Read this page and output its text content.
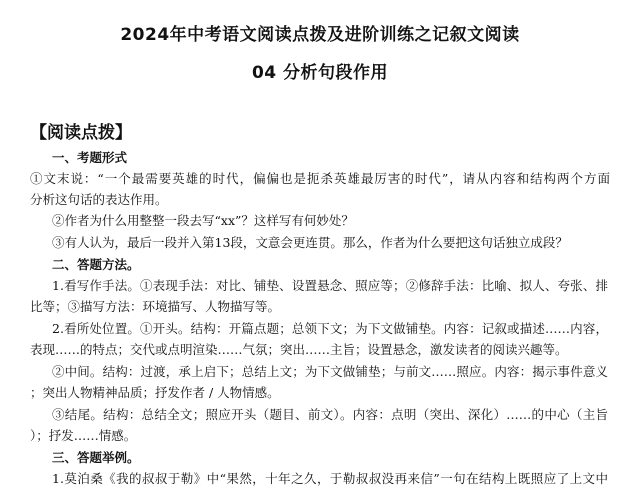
2024年中考语文阅读点拨及进阶训练之记叙文阅读
04 分析句段作用
【阅读点拨】
一、考题形式
①文末说：“一个最需要英雄的时代，偏偏也是扼杀英雄最厉害的时代”，请从内容和结构两个方面
分析这句话的表达作用。
②作者为什么用整整一段去写“xx”？这样写有何妙处？
③有人认为，最后一段并入第13段，文意会更连贯。那么，作者为什么要把这句话独立成段？
二、答题方法。
1.看写作手法。①表现手法：对比、铺垫、设置悬念、照应等；②修辞手法：比喻、拟人、夸张、排
比等；③描写方法：环境描写、人物描写等。
2.看所处位置。①开头。结构：开篇点题；总领下文；为下文做铺垫。内容：记叙或描述……内容，
表现……的特点；交代或点明渲染……气氛；突出……主旨；设置悬念，激发读者的阅读兴趣等。
②中间。结构：过渡，承上启下；总结上文；为下文做铺垫；与前文……照应。内容：揭示事件意义
；突出人物精神品质；抒发作者 / 人物情感。
③结尾。结构：总结全文；照应开头（题目、前文）。内容：点明（突出、深化）……的中心（主旨
）；抒发……情感。
三、答题举例。
1.莫泊桑《我的叔叔于勒》中“果然，十年之久，于勒叔叔没再来信”一句在结构上既照应了上文中
